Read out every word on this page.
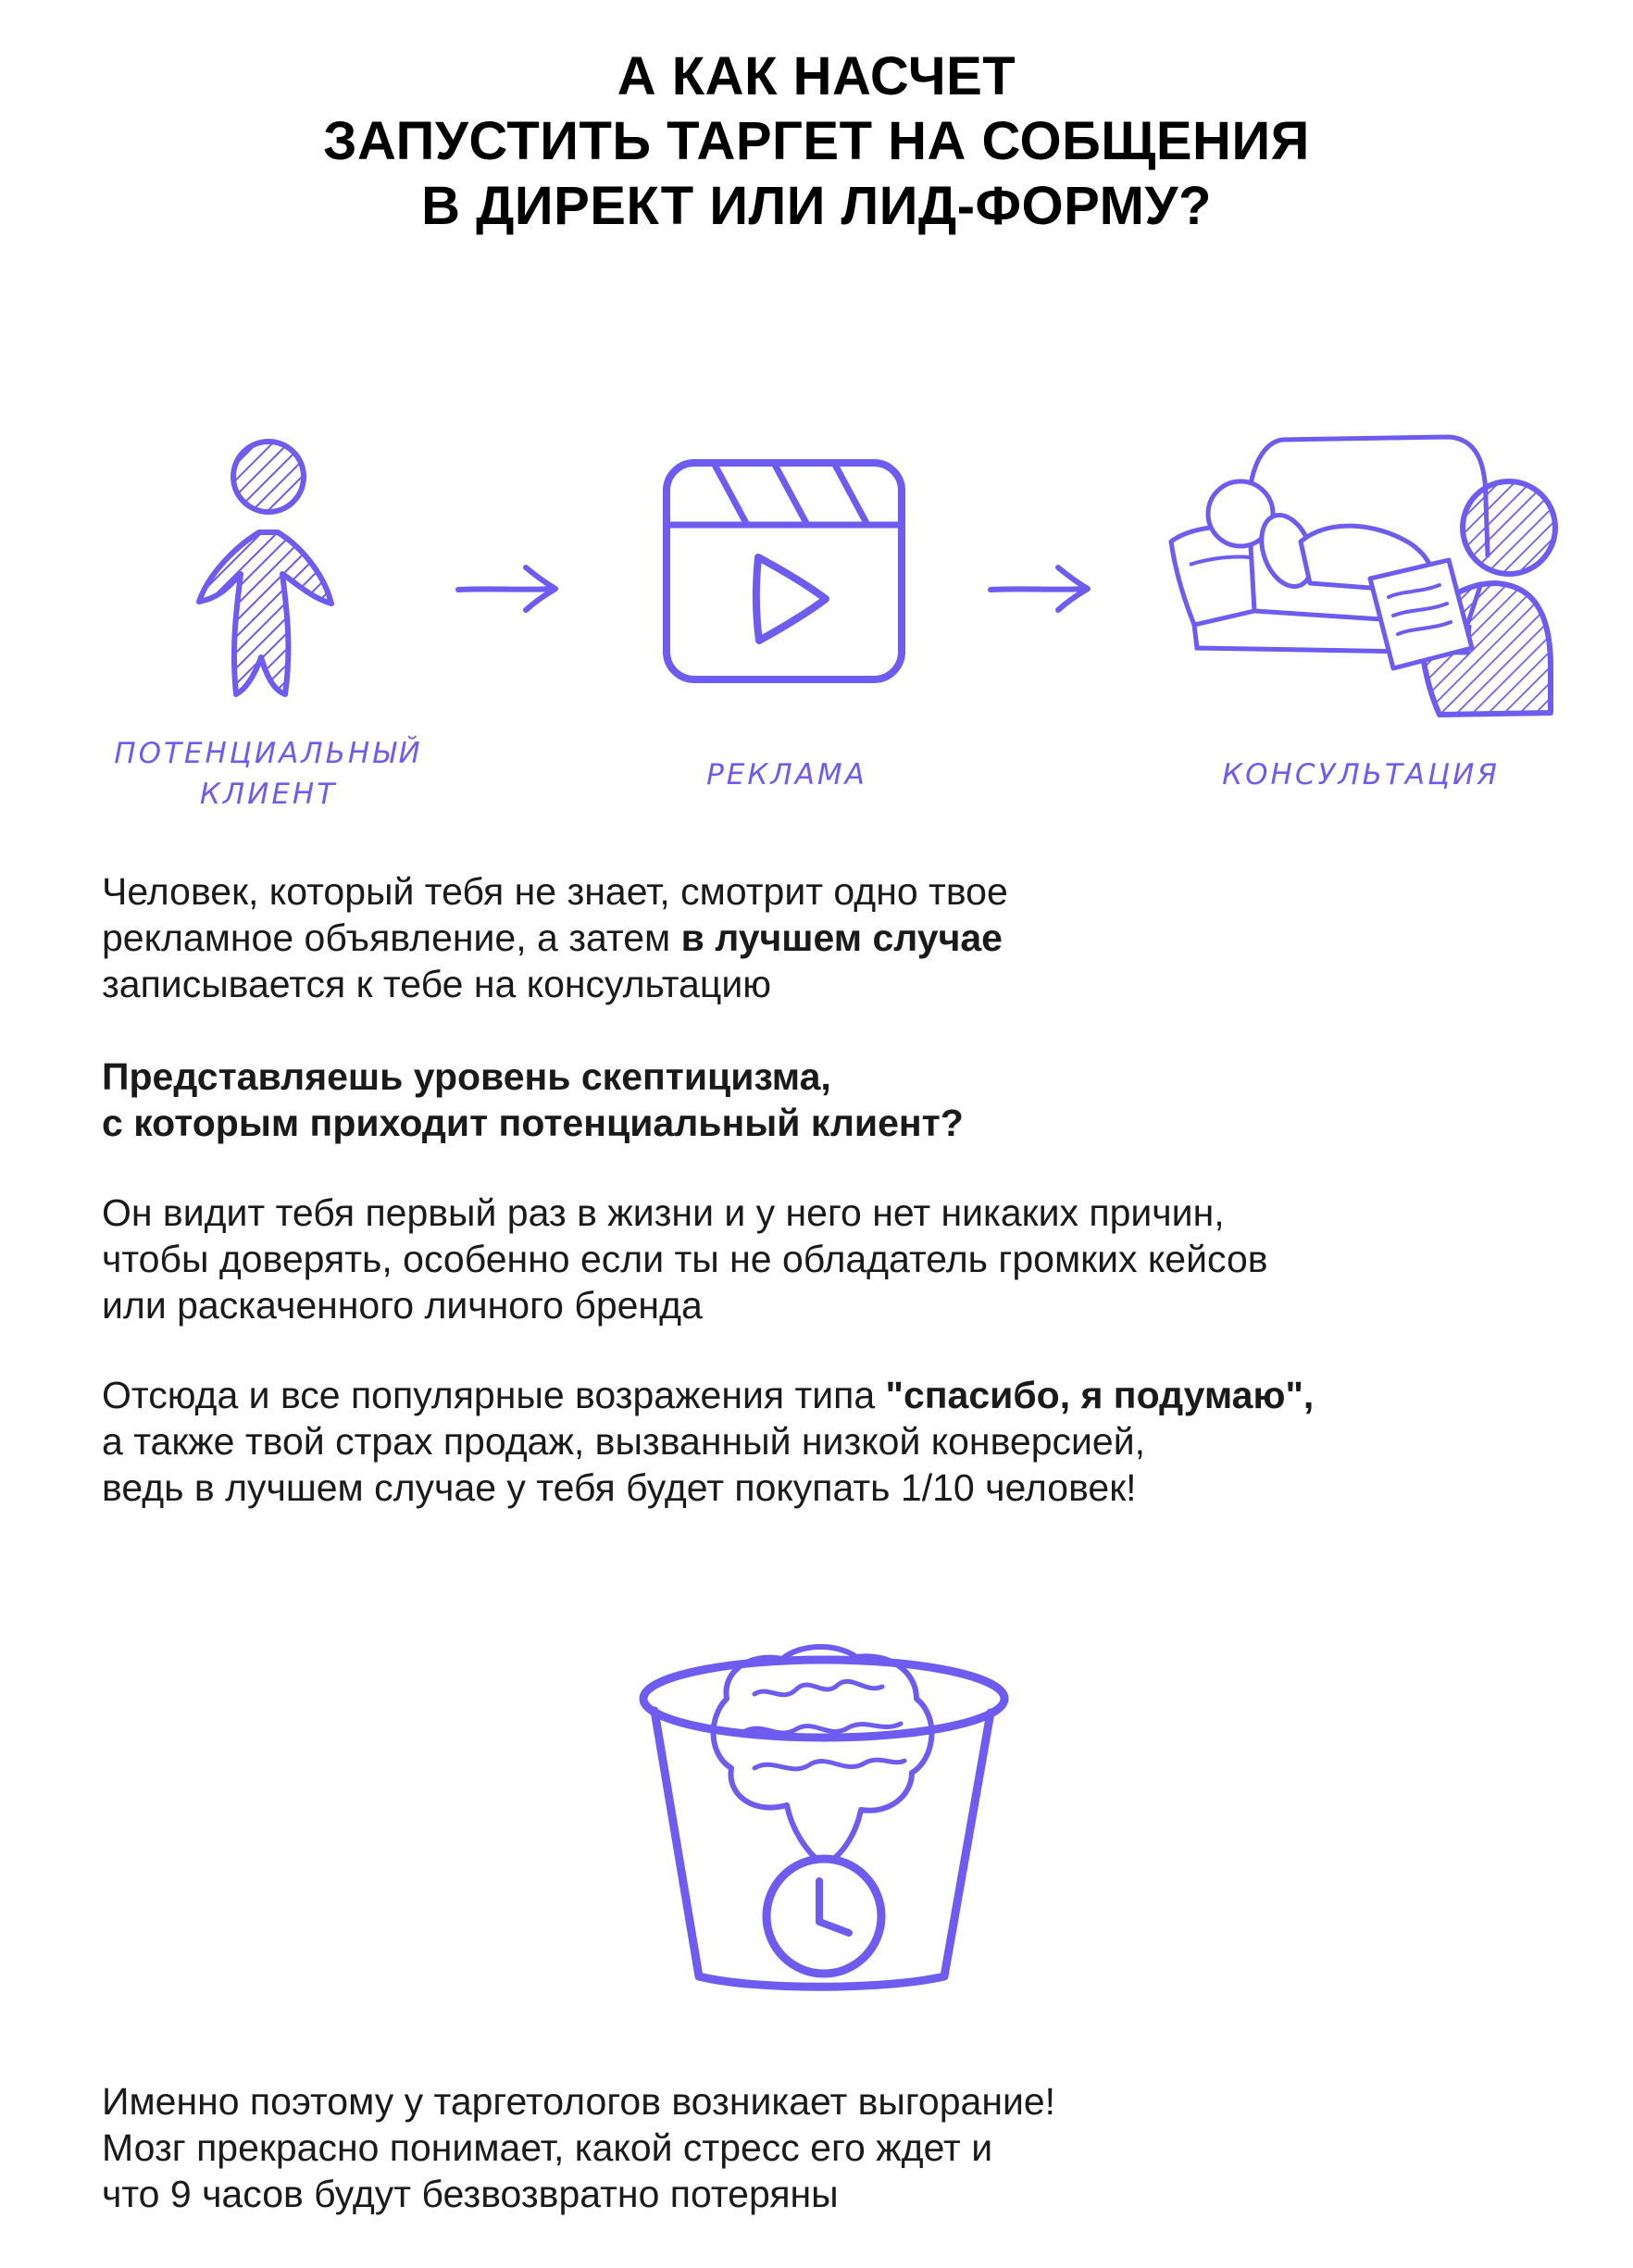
А КАК НАСЧЕТ
ЗАПУСТИТЬ ТАРГЕТ НА СОБЩЕНИЯ
В ДИРЕКТ ИЛИ ЛИД-ФОРМУ?
ПОТЕНЦИАЛЬНЫЙ
КЛИЕНТ
РЕКЛАМА	КОНСУЛЬТАЦИЯ
Человек, который тебя не знает, смотрит одно твое
рекламное объявление, а затем в лучшем случае
записывается к тебе на консультацию
Представляешь уровень скептицизма,
с которым приходит потенциальный клиент?
Он видит тебя первый раз в жизни и у него нет никаких причин,
чтобы доверять, особенно если ты не обладатель громких кейсов
или раскаченного личного бренда
Отсюда и все популярные возражения типа "спасибо, я подумаю",
а также твой страх продаж, вызванный низкой конверсией,
ведь в лучшем случае у тебя будет покупать 1/10 человек!
Именно поэтому у таргетологов возникает выгорание!
Мозг прекрасно понимает, какой стресс его ждет и
что 9 часов будут безвозвратно потеряны
